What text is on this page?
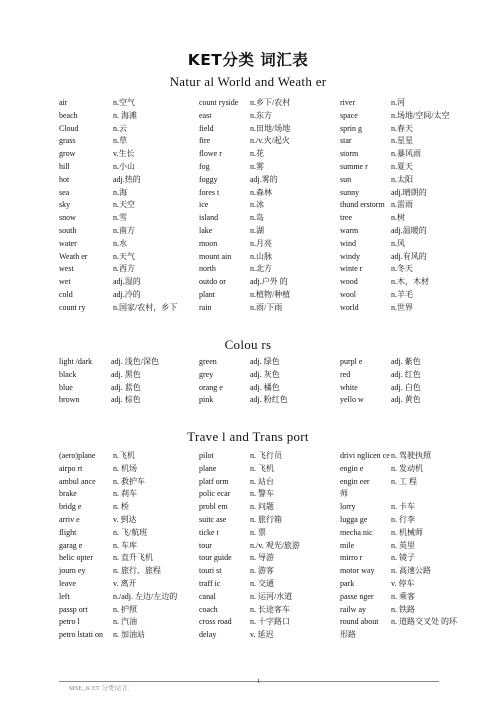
KET分类 词汇表
Natur al World and Weath er
air	n.空气
beach	n. 海滩
Cloud	n.云
grass	n.草
grow	v.生长
hill	n.小山
hot	adj.热的
sea	n.海
sky	n.天空
snow	n.雪
south	n.南方
water	n.水
Weath er	n.天气
west	n.西方
wet	adj.湿的
cold	adj.冷的
count ry	n.国家/农村，乡下
count ryside	n.乡下/农村
east	n.东方
field	n.田地/场地
fire	n./v.火/起火
flowe r	n.花
fog	n.雾
foggy	adj.雾的
fores t	n.森林
ice	n.冰
island	n.岛
lake	n.湖
moon	n.月亮
mount ain	n.山脉
north	n.北方
outdo or	adj.户外 的
plant	n.植物/种植
rain	n.雨/下雨
river	n.河
space	n.场地/空间/太空
sprin g	n.春天
star	n.星星
storm	n.暴风雨
summe r	n.夏天
sun	n.太阳
sunny	adj.晴朗的
thund erstorm n.雷雨
tree	n.树
warm	adj.温暖的
wind	n.风
windy	adj.有风的
winte r	n.冬天
wood	n.木，木材
wool	n.羊毛
world	n.世界
Colou rs
light /dark	adj. 浅色/深色
black	adj. 黑色
blue	adj. 蓝色
brown	adj. 棕色
green	adj. 绿色
grey	adj. 灰色
orang e	adj. 橘色
pink	adj. 粉红色
purpl e	adj. 紫色
red	adj. 红色
white	adj. 白色
yello w	adj. 黄色
Trave l and Trans port
(aero)plane	n.飞机
airpo rt	n. 机场
ambul ance	n. 救护车
brake	n. 刹车
bridg e	n. 桥
arriv e	v. 到达
flight	n. 飞/航班
garag e	n. 车库
helic opter	n. 直升飞机
journ ey	n. 旅行、旅程
leave	v. 离开
left	n./adj. 左边/左边的
passp ort	n. 护照
petro l	n. 汽油
petro lstati on	n. 加油站
pilot	n. 飞行员
plane	n. 飞机
platf orm	n. 站台
polic ecar	n. 警车
probl em	n. 问题
suitc ase	n. 旅行箱
ticke t	n. 票
tour	n./v. 观光/旅游
tour guide	n. 导游
touri st	n. 游客
traff ic	n. 交通
canal	n. 运河/水道
coach	n. 长途客车
cross road	n. 十字路口
delay	v. 延迟
drivi nglicen ce n. 驾驶执照
engin e	n. 发动机
engin eer	n. 工 程
师
lorry	n. 卡车
lugga ge	n. 行李
mecha nic	n. 机械师
mile	n. 英里
mirro r	n. 镜子
motor way	n. 高速公路
park	v. 停车
passe nger	n. 乘客
railw ay	n. 铁路
round about	n. 道路交叉处 的环
形路
MSE_K ET 分类词 汇
1
